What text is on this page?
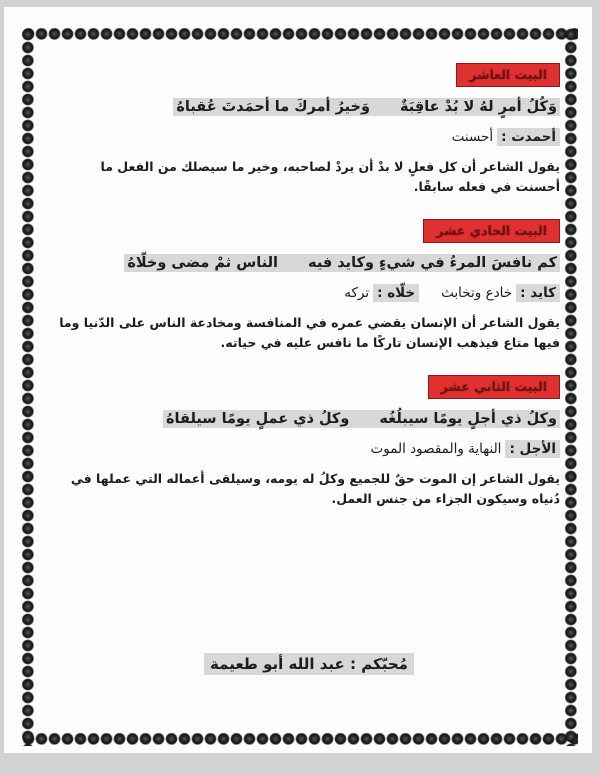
البيت العاشر
وَكُلُ أمرٍ لهُ لا بُدْ عاقِبَةٌوَخيرُ أمركَ ما أحمَدتَ عُقباهُ
أحمدت :أحسنت

يقول الشاعر أن كل فعلٍ لا بدْ أن يردْ لصاحبه، وخير ما سيصلك من الفعل ما أحسنت في فعله سابقًا.

البيت الحادي عشر
كم نافسَ المرءُ في شيءٍ وكايد فيهالناس ثمْ مضى وخلّاهُ
كايد :خادع وتخابثخلّاه :تركه

يقول الشاعر أن الإنسان يقضي عمره في المنافسة ومخادعة الناس على الدّنيا وما فيها متاع فيذهب الإنسان تاركًا ما نافس عليه في حياته.

البيت الثاني عشر
وكلُ ذي أجلٍ يومًا سيبلُغُهوكلُ ذي عملٍ يومًا سيلقاهُ
الأجل :النهاية والمقصود الموت

يقول الشاعر إن الموت حقٌ للجميع وكلُ له يومه، وسيلقى أعماله التي عملها في دُنياه وسيكون الجزاء من جنس العمل.

مُحبّكم : عبد الله أبو طعيمة
